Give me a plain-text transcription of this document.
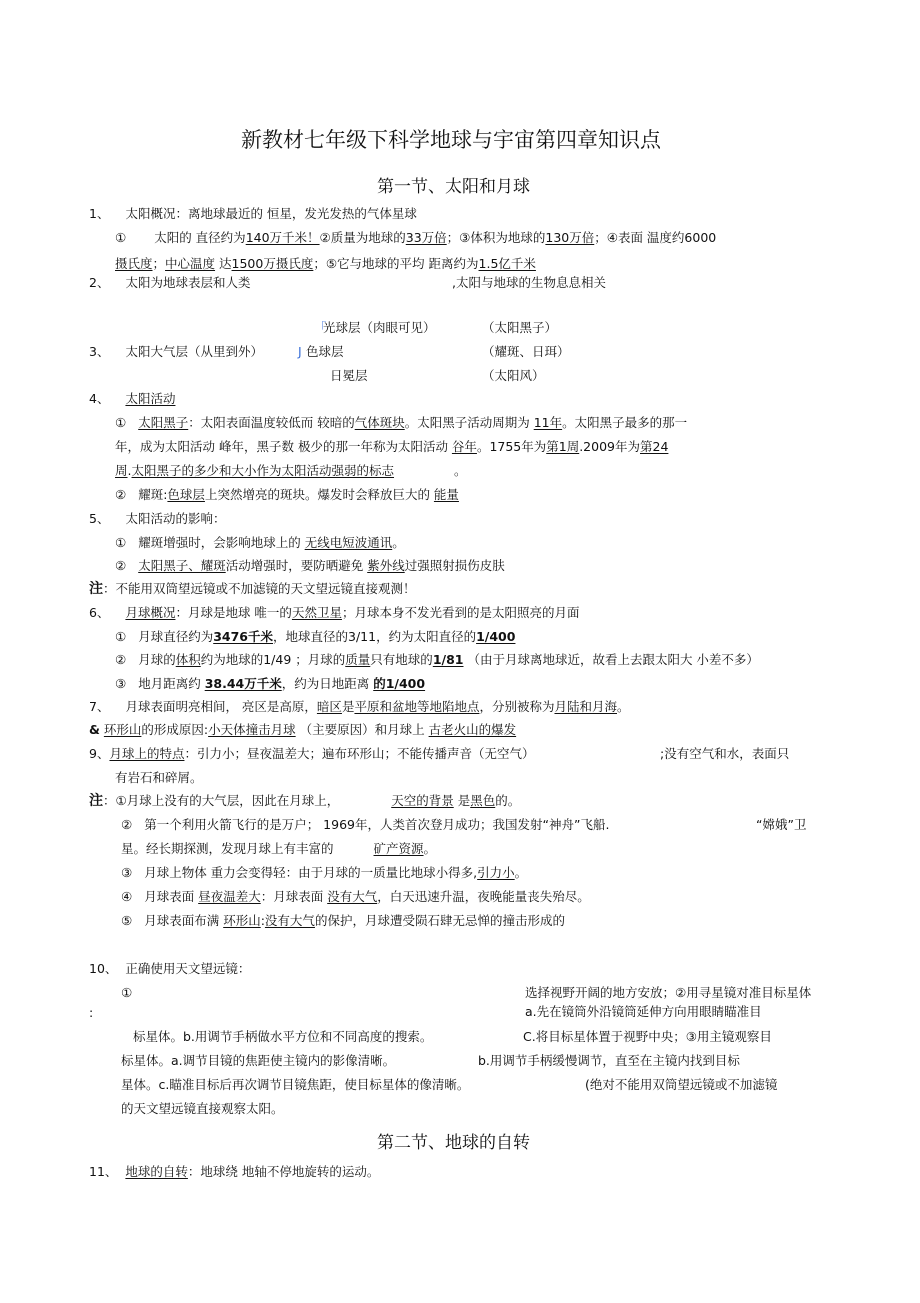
新教材七年级下科学地球与宇宙第四章知识点
第一节、太阳和月球
1、 太阳概况：离地球最近的 恒星，发光发热的气体星球
① 太阳的 直径约为140万千米！②质量为地球的33万倍；③体积为地球的130万倍；④表面 温度约6000
摄氏度；中心温度 达1500万摄氏度；⑤它与地球的平均 距离约为1.5亿千米
2、 太阳为地球表层和人类	,太阳与地球的生物息息相关
「
光球层（肉眼可见）	（太阳黑子）
3、 太阳大气层（从里到外）	J 色球层	（耀斑、日珥）
日冕层	（太阳风）
4、 太阳活动
① 太阳黑子：太阳表面温度较低而 较暗的气体斑块。太阳黑子活动周期为 11年。太阳黑子最多的那一
年，成为太阳活动 峰年，黑子数 极少的那一年称为太阳活动 谷年。1755年为第1周.2009年为第24
周.太阳黑子的多少和大小作为太阳活动强弱的标志	。
② 耀斑:色球层上突然增亮的斑块。爆发时会释放巨大的 能量
5、 太阳活动的影响：
① 耀斑增强时，会影响地球上的 无线电短波通讯。
② 太阳黑子、耀斑活动增强时，要防晒避免 紫外线过强照射损伤皮肤
注：不能用双筒望远镜或不加滤镜的天文望远镜直接观测！
6、 月球概况：月球是地球 唯一的天然卫星；月球本身不发光看到的是太阳照亮的月面
① 月球直径约为3476千米，地球直径的3/11，约为太阳直径的1/400
② 月球的体积约为地球的1/49 ；月球的质量只有地球的1/81 （由于月球离地球近，故看上去跟太阳大 小差不多）
③ 地月距离约 38.44万千米，约为日地距离 的1/400
7、 月球表面明亮相间， 亮区是高原，暗区是平原和盆地等地陷地点，分别被称为月陆和月海。
& 环形山的形成原因:小天体撞击月球 （主要原因）和月球上 古老火山的爆发
9、月球上的特点：引力小；昼夜温差大；遍布环形山；不能传播声音（无空气）	;没有空气和水，表面只
有岩石和碎屑。
注：①月球上没有的大气层，因此在月球上，	天空的背景 是黑色的。
② 第一个利用火箭飞行的是万户； 1969年，人类首次登月成功；我国发射“神舟”飞船.	“嫦娥”卫
星。经长期探测，发现月球上有丰富的	矿产资源。
③ 月球上物体 重力会变得轻：由于月球的一质量比地球小得多,引力小。
④ 月球表面 昼夜温差大：月球表面 没有大气，白天迅速升温，夜晚能量丧失殆尽。
⑤ 月球表面布满 环形山:没有大气的保护，月球遭受陨石肆无忌惮的撞击形成的
10、 正确使用天文望远镜：
①	选择视野开阔的地方安放；②用寻星镜对准目标星体
:	a.先在镜筒外沿镜筒延伸方向用眼睛瞄准目
标星体。b.用调节手柄做水平方位和不同高度的搜索。	C.将目标星体置于视野中央；③用主镜观察目
标星体。a.调节目镜的焦距使主镜内的影像清晰。	b.用调节手柄缓慢调节，直至在主镜内找到目标
星体。c.瞄准目标后再次调节目镜焦距，使目标星体的像清晰。	(绝对不能用双筒望远镜或不加滤镜
的天文望远镜直接观察太阳。
第二节、地球的自转
11、 地球的自转：地球绕 地轴不停地旋转的运动。
